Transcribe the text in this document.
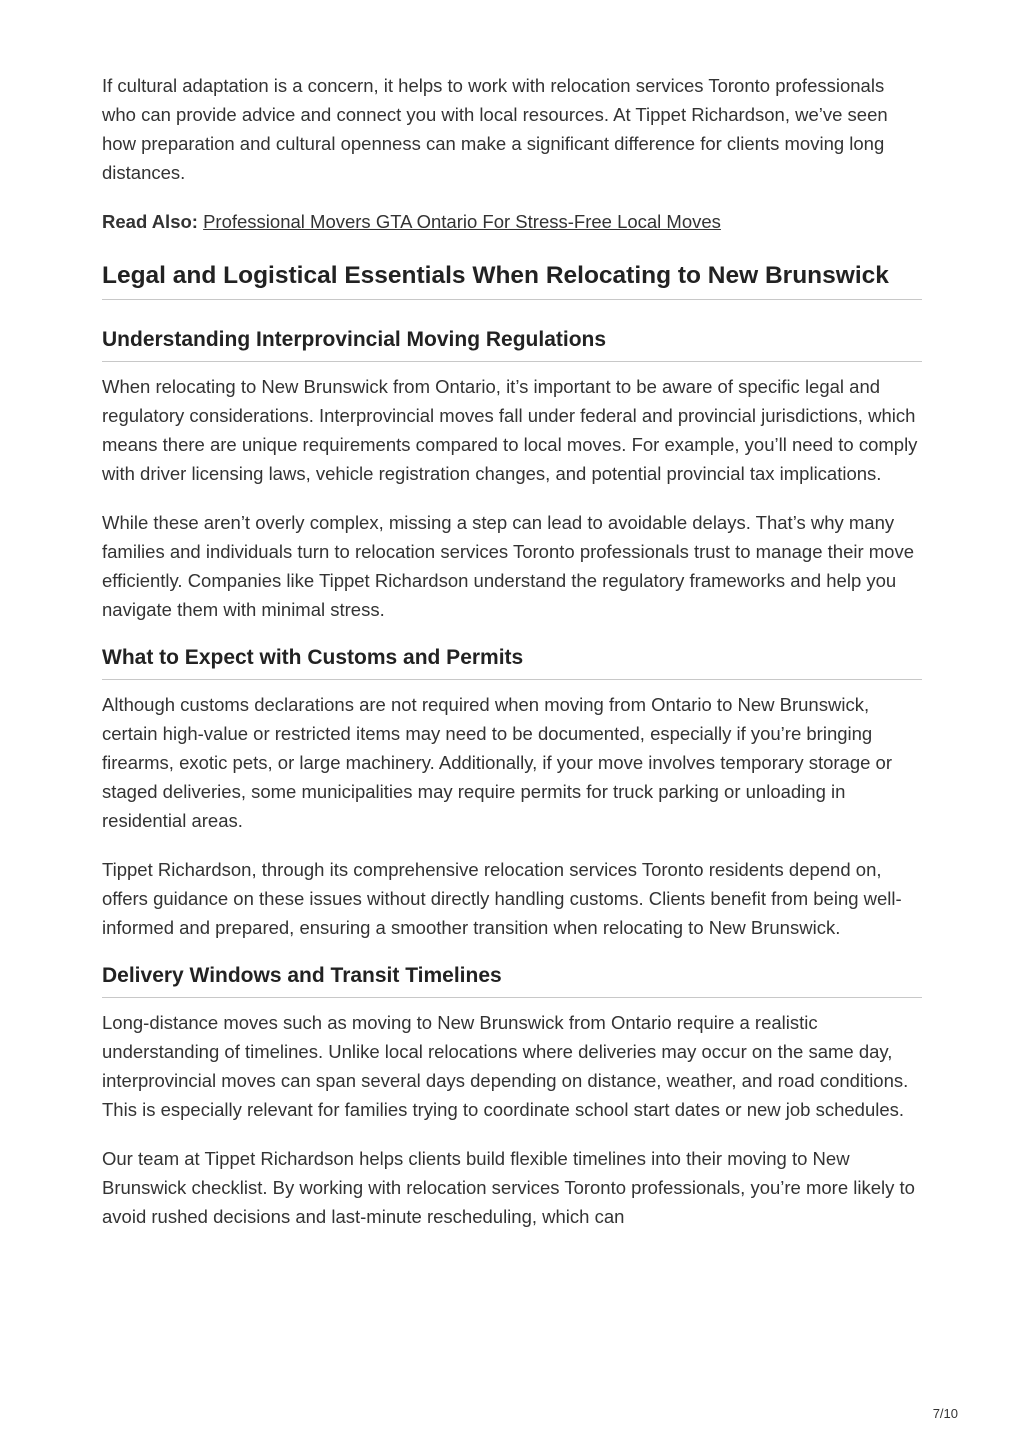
If cultural adaptation is a concern, it helps to work with relocation services Toronto professionals who can provide advice and connect you with local resources. At Tippet Richardson, we’ve seen how preparation and cultural openness can make a significant difference for clients moving long distances.

Read Also: Professional Movers GTA Ontario For Stress-Free Local Moves

Legal and Logistical Essentials When Relocating to New Brunswick
Understanding Interprovincial Moving Regulations

When relocating to New Brunswick from Ontario, it’s important to be aware of specific legal and regulatory considerations. Interprovincial moves fall under federal and provincial jurisdictions, which means there are unique requirements compared to local moves. For example, you’ll need to comply with driver licensing laws, vehicle registration changes, and potential provincial tax implications.

While these aren’t overly complex, missing a step can lead to avoidable delays. That’s why many families and individuals turn to relocation services Toronto professionals trust to manage their move efficiently. Companies like Tippet Richardson understand the regulatory frameworks and help you navigate them with minimal stress.

What to Expect with Customs and Permits

Although customs declarations are not required when moving from Ontario to New Brunswick, certain high-value or restricted items may need to be documented, especially if you’re bringing firearms, exotic pets, or large machinery. Additionally, if your move involves temporary storage or staged deliveries, some municipalities may require permits for truck parking or unloading in residential areas.

Tippet Richardson, through its comprehensive relocation services Toronto residents depend on, offers guidance on these issues without directly handling customs. Clients benefit from being well-informed and prepared, ensuring a smoother transition when relocating to New Brunswick.

Delivery Windows and Transit Timelines

Long-distance moves such as moving to New Brunswick from Ontario require a realistic understanding of timelines. Unlike local relocations where deliveries may occur on the same day, interprovincial moves can span several days depending on distance, weather, and road conditions. This is especially relevant for families trying to coordinate school start dates or new job schedules.

Our team at Tippet Richardson helps clients build flexible timelines into their moving to New Brunswick checklist. By working with relocation services Toronto professionals, you’re more likely to avoid rushed decisions and last-minute rescheduling, which can

7/10
